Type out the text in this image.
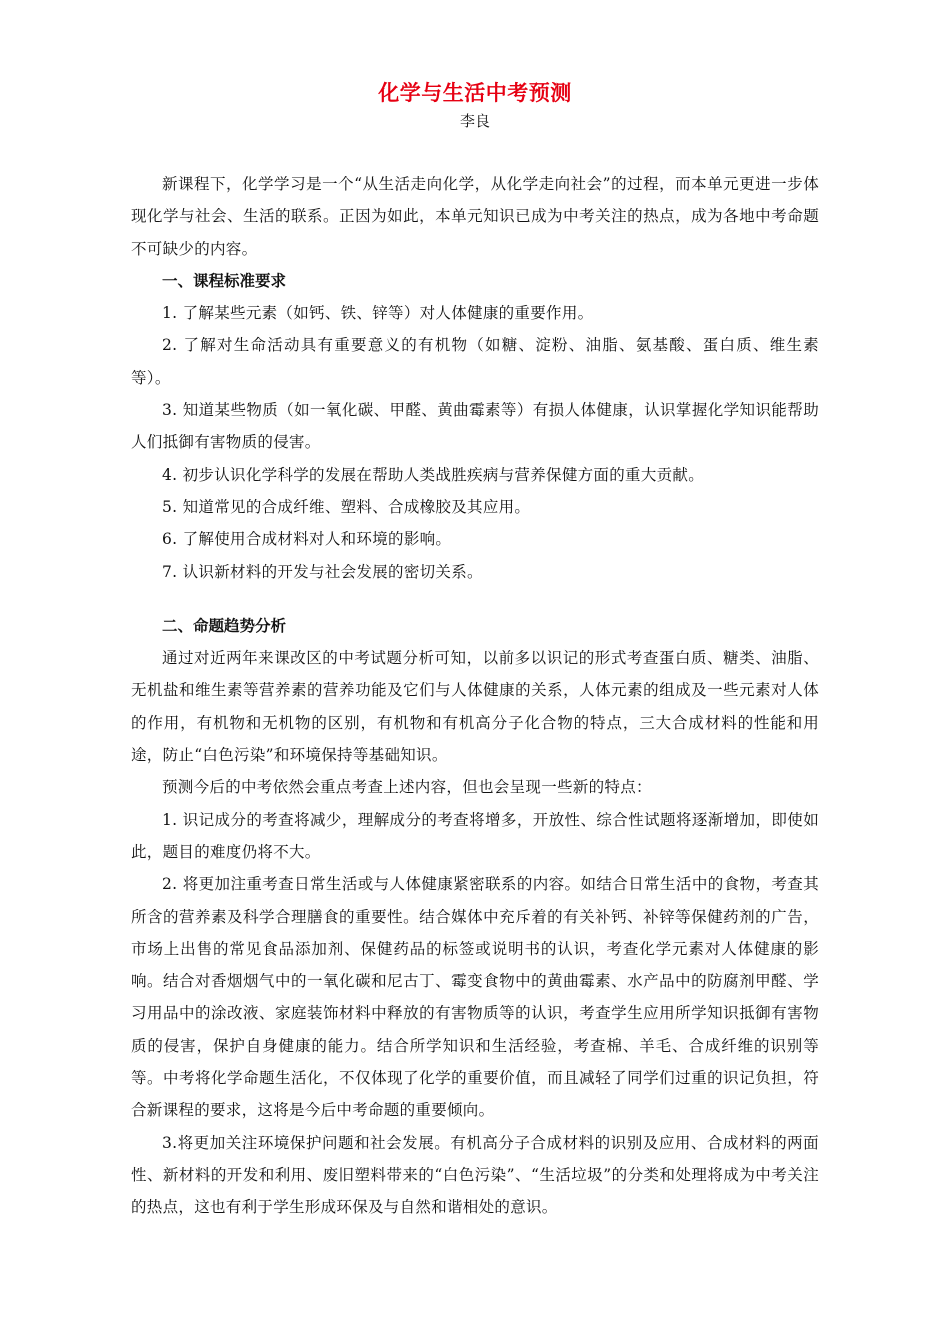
化学与生活中考预测
李良

新课程下，化学学习是一个“从生活走向化学，从化学走向社会”的过程，而本单元更进一步体现化学与社会、生活的联系。正因为如此，本单元知识已成为中考关注的热点，成为各地中考命题不可缺少的内容。

一、课程标准要求

1. 了解某些元素（如钙、铁、锌等）对人体健康的重要作用。

2. 了解对生命活动具有重要意义的有机物（如糖、淀粉、油脂、氨基酸、蛋白质、维生素等）。

3. 知道某些物质（如一氧化碳、甲醛、黄曲霉素等）有损人体健康，认识掌握化学知识能帮助人们抵御有害物质的侵害。

4. 初步认识化学科学的发展在帮助人类战胜疾病与营养保健方面的重大贡献。

5. 知道常见的合成纤维、塑料、合成橡胶及其应用。

6. 了解使用合成材料对人和环境的影响。

7. 认识新材料的开发与社会发展的密切关系。

二、命题趋势分析

通过对近两年来课改区的中考试题分析可知，以前多以识记的形式考查蛋白质、糖类、油脂、无机盐和维生素等营养素的营养功能及它们与人体健康的关系，人体元素的组成及一些元素对人体的作用，有机物和无机物的区别，有机物和有机高分子化合物的特点，三大合成材料的性能和用途，防止“白色污染”和环境保持等基础知识。

预测今后的中考依然会重点考查上述内容，但也会呈现一些新的特点：

1. 识记成分的考查将减少，理解成分的考查将增多，开放性、综合性试题将逐渐增加，即使如此，题目的难度仍将不大。

2. 将更加注重考查日常生活或与人体健康紧密联系的内容。如结合日常生活中的食物，考查其所含的营养素及科学合理膳食的重要性。结合媒体中充斥着的有关补钙、补锌等保健药剂的广告，市场上出售的常见食品添加剂、保健药品的标签或说明书的认识，考查化学元素对人体健康的影响。结合对香烟烟气中的一氧化碳和尼古丁、霉变食物中的黄曲霉素、水产品中的防腐剂甲醛、学习用品中的涂改液、家庭装饰材料中释放的有害物质等的认识，考查学生应用所学知识抵御有害物质的侵害，保护自身健康的能力。结合所学知识和生活经验，考查棉、羊毛、合成纤维的识别等等。中考将化学命题生活化，不仅体现了化学的重要价值，而且减轻了同学们过重的识记负担，符合新课程的要求，这将是今后中考命题的重要倾向。

3.将更加关注环境保护问题和社会发展。有机高分子合成材料的识别及应用、合成材料的两面性、新材料的开发和利用、废旧塑料带来的“白色污染”、“生活垃圾”的分类和处理将成为中考关注的热点，这也有利于学生形成环保及与自然和谐相处的意识。
